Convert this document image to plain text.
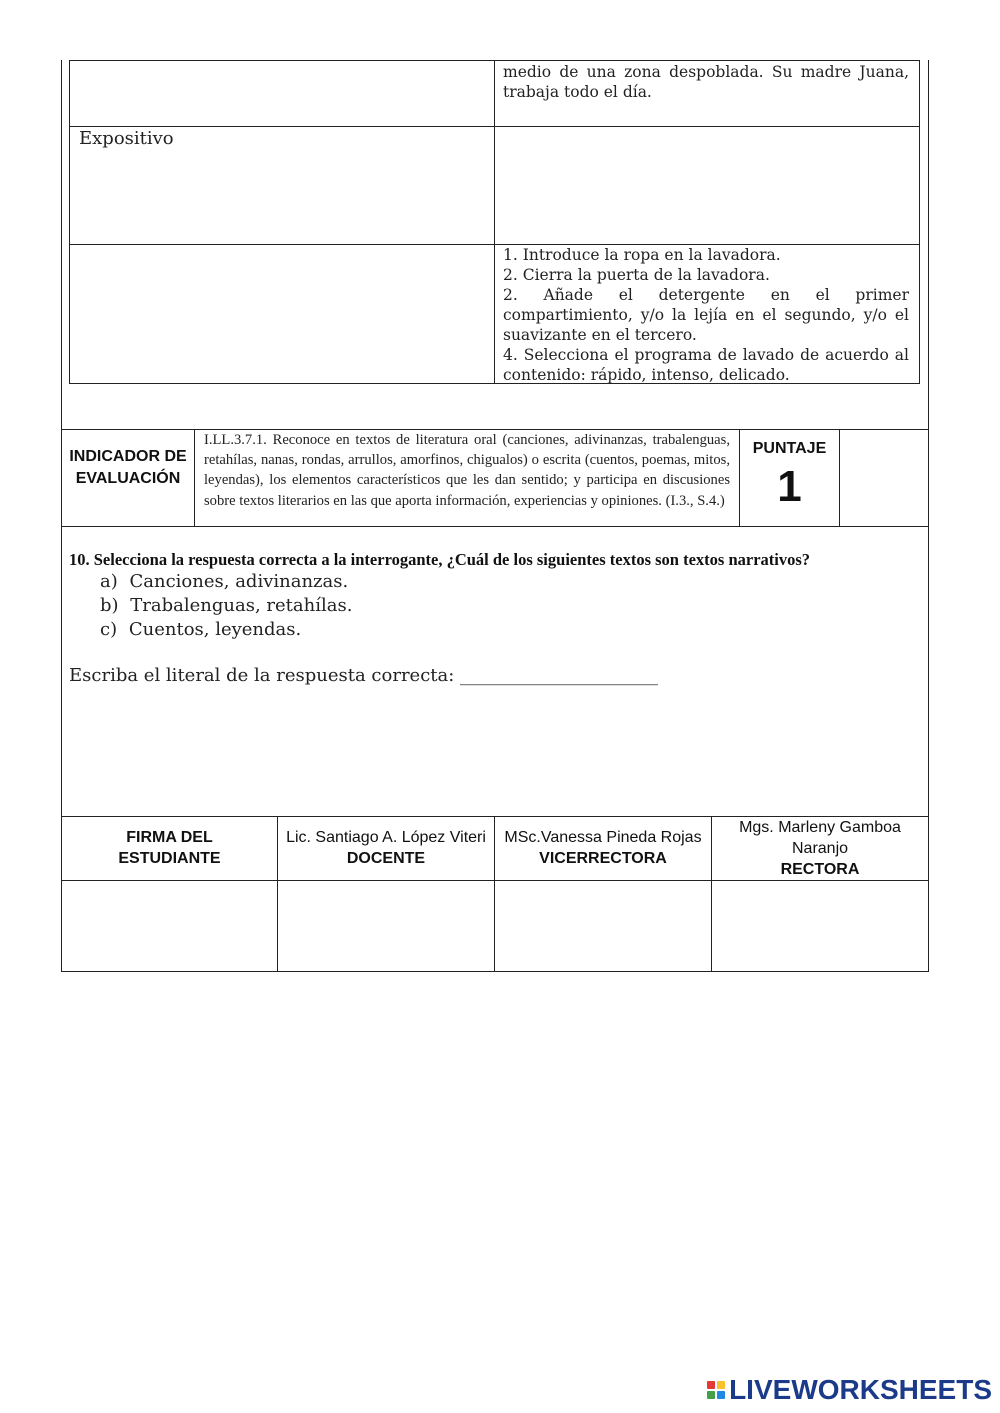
medio de una zona despoblada. Su madre Juana, trabaja todo el día.
Expositivo
1. Introduce la ropa en la lavadora.
2. Cierra la puerta de la lavadora.
2.   Añade   el   detergente   en   el   primer
compartimiento, y/o la lejía en el segundo, y/o el
suavizante en el tercero.
4. Selecciona el programa de lavado de acuerdo al
contenido: rápido, intenso, delicado.
INDICADOR DE
EVALUACIÓN
I.LL.3.7.1. Reconoce en textos de literatura oral (canciones, adivinanzas, trabalenguas, retahílas, nanas, rondas, arrullos, amorfinos, chigualos) o escrita (cuentos, poemas, mitos, leyendas), los elementos característicos que les dan sentido; y participa en discusiones sobre textos literarios en las que aporta información, experiencias y opiniones. (I.3., S.4.)
PUNTAJE
1
10. Selecciona la respuesta correcta a la interrogante, ¿Cuál de los siguientes textos son textos narrativos?
a) Canciones, adivinanzas.
b) Trabalenguas, retahílas.
c) Cuentos, leyendas.
Escriba el literal de la respuesta correcta: ______________________
FIRMA DEL
ESTUDIANTE
Lic. Santiago A. López Viteri
DOCENTE
MSc.Vanessa Pineda Rojas
VICERRECTORA
Mgs. Marleny Gamboa
Naranjo
RECTORA
LIVEWORKSHEETS
